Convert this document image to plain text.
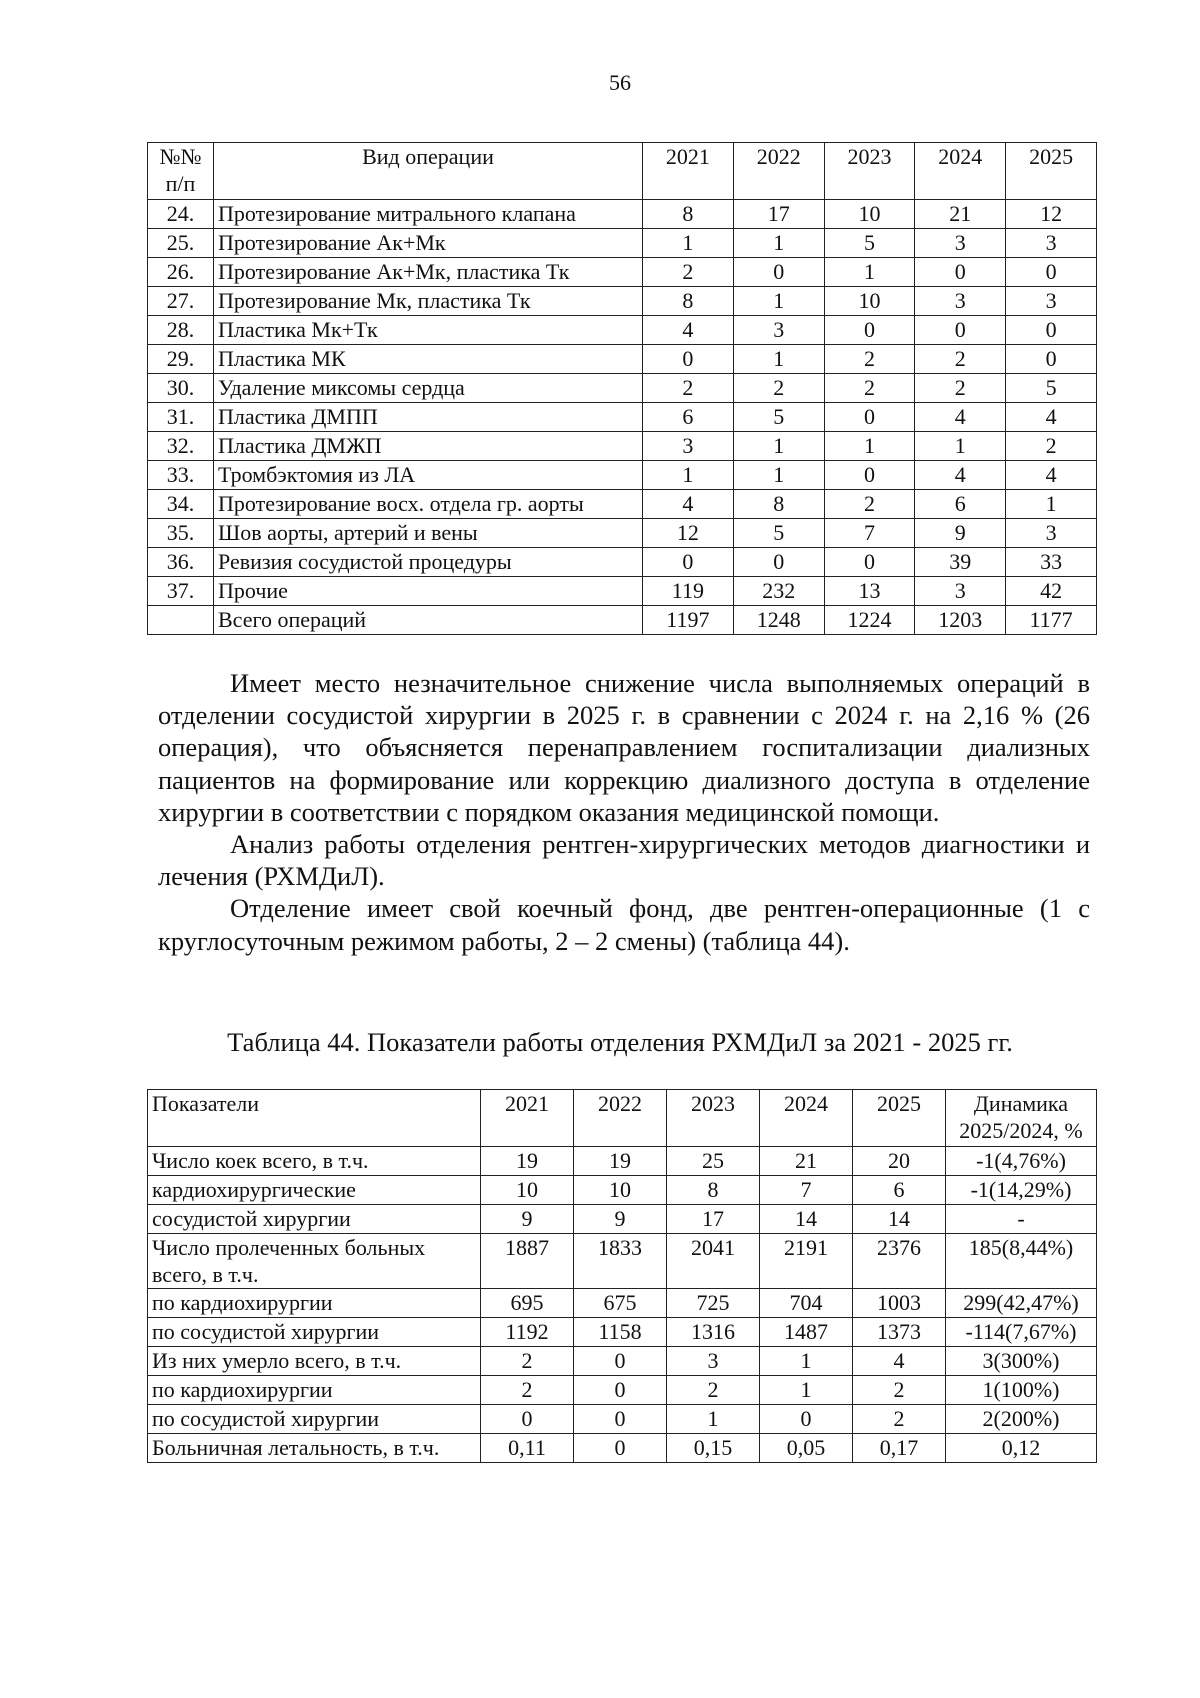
56
№№ п/п	Вид операции	2021	2022	2023	2024	2025
24.	Протезирование митрального клапана	8	17	10	21	12
25.	Протезирование Ак+Мк	1	1	5	3	3
26.	Протезирование Ак+Мк, пластика Тк	2	0	1	0	0
27.	Протезирование Мк, пластика Тк	8	1	10	3	3
28.	Пластика Мк+Тк	4	3	0	0	0
29.	Пластика МК	0	1	2	2	0
30.	Удаление миксомы сердца	2	2	2	2	5
31.	Пластика ДМПП	6	5	0	4	4
32.	Пластика ДМЖП	3	1	1	1	2
33.	Тромбэктомия из ЛА	1	1	0	4	4
34.	Протезирование восх. отдела гр. аорты	4	8	2	6	1
35.	Шов аорты, артерий и вены	12	5	7	9	3
36.	Ревизия сосудистой процедуры	0	0	0	39	33
37.	Прочие	119	232	13	3	42
	Всего операций	1197	1248	1224	1203	1177

Имеет место незначительное снижение числа выполняемых операций в отделении сосудистой хирургии в 2025 г. в сравнении с 2024 г. на 2,16 % (26 операция), что объясняется перенаправлением госпитализации диализных пациентов на формирование или коррекцию диализного доступа в отделение хирургии в соответствии с порядком оказания медицинской помощи.

Анализ работы отделения рентген-хирургических методов диагностики и лечения (РХМДиЛ).

Отделение имеет свой коечный фонд, две рентген-операционные (1 с круглосуточным режимом работы, 2 – 2 смены) (таблица 44).

Таблица 44. Показатели работы отделения РХМДиЛ за 2021 - 2025 гг.
Показатели	2021	2022	2023	2024	2025	Динамика 2025/2024, %
Число коек всего, в т.ч.	19	19	25	21	20	-1(4,76%)
кардиохирургические	10	10	8	7	6	-1(14,29%)
сосудистой хирургии	9	9	17	14	14	-
Число пролеченных больных всего, в т.ч.	1887	1833	2041	2191	2376	185(8,44%)
по кардиохирургии	695	675	725	704	1003	299(42,47%)
по сосудистой хирургии	1192	1158	1316	1487	1373	-114(7,67%)
Из них умерло всего, в т.ч.	2	0	3	1	4	3(300%)
по кардиохирургии	2	0	2	1	2	1(100%)
по сосудистой хирургии	0	0	1	0	2	2(200%)
Больничная летальность, в т.ч.	0,11	0	0,15	0,05	0,17	0,12
